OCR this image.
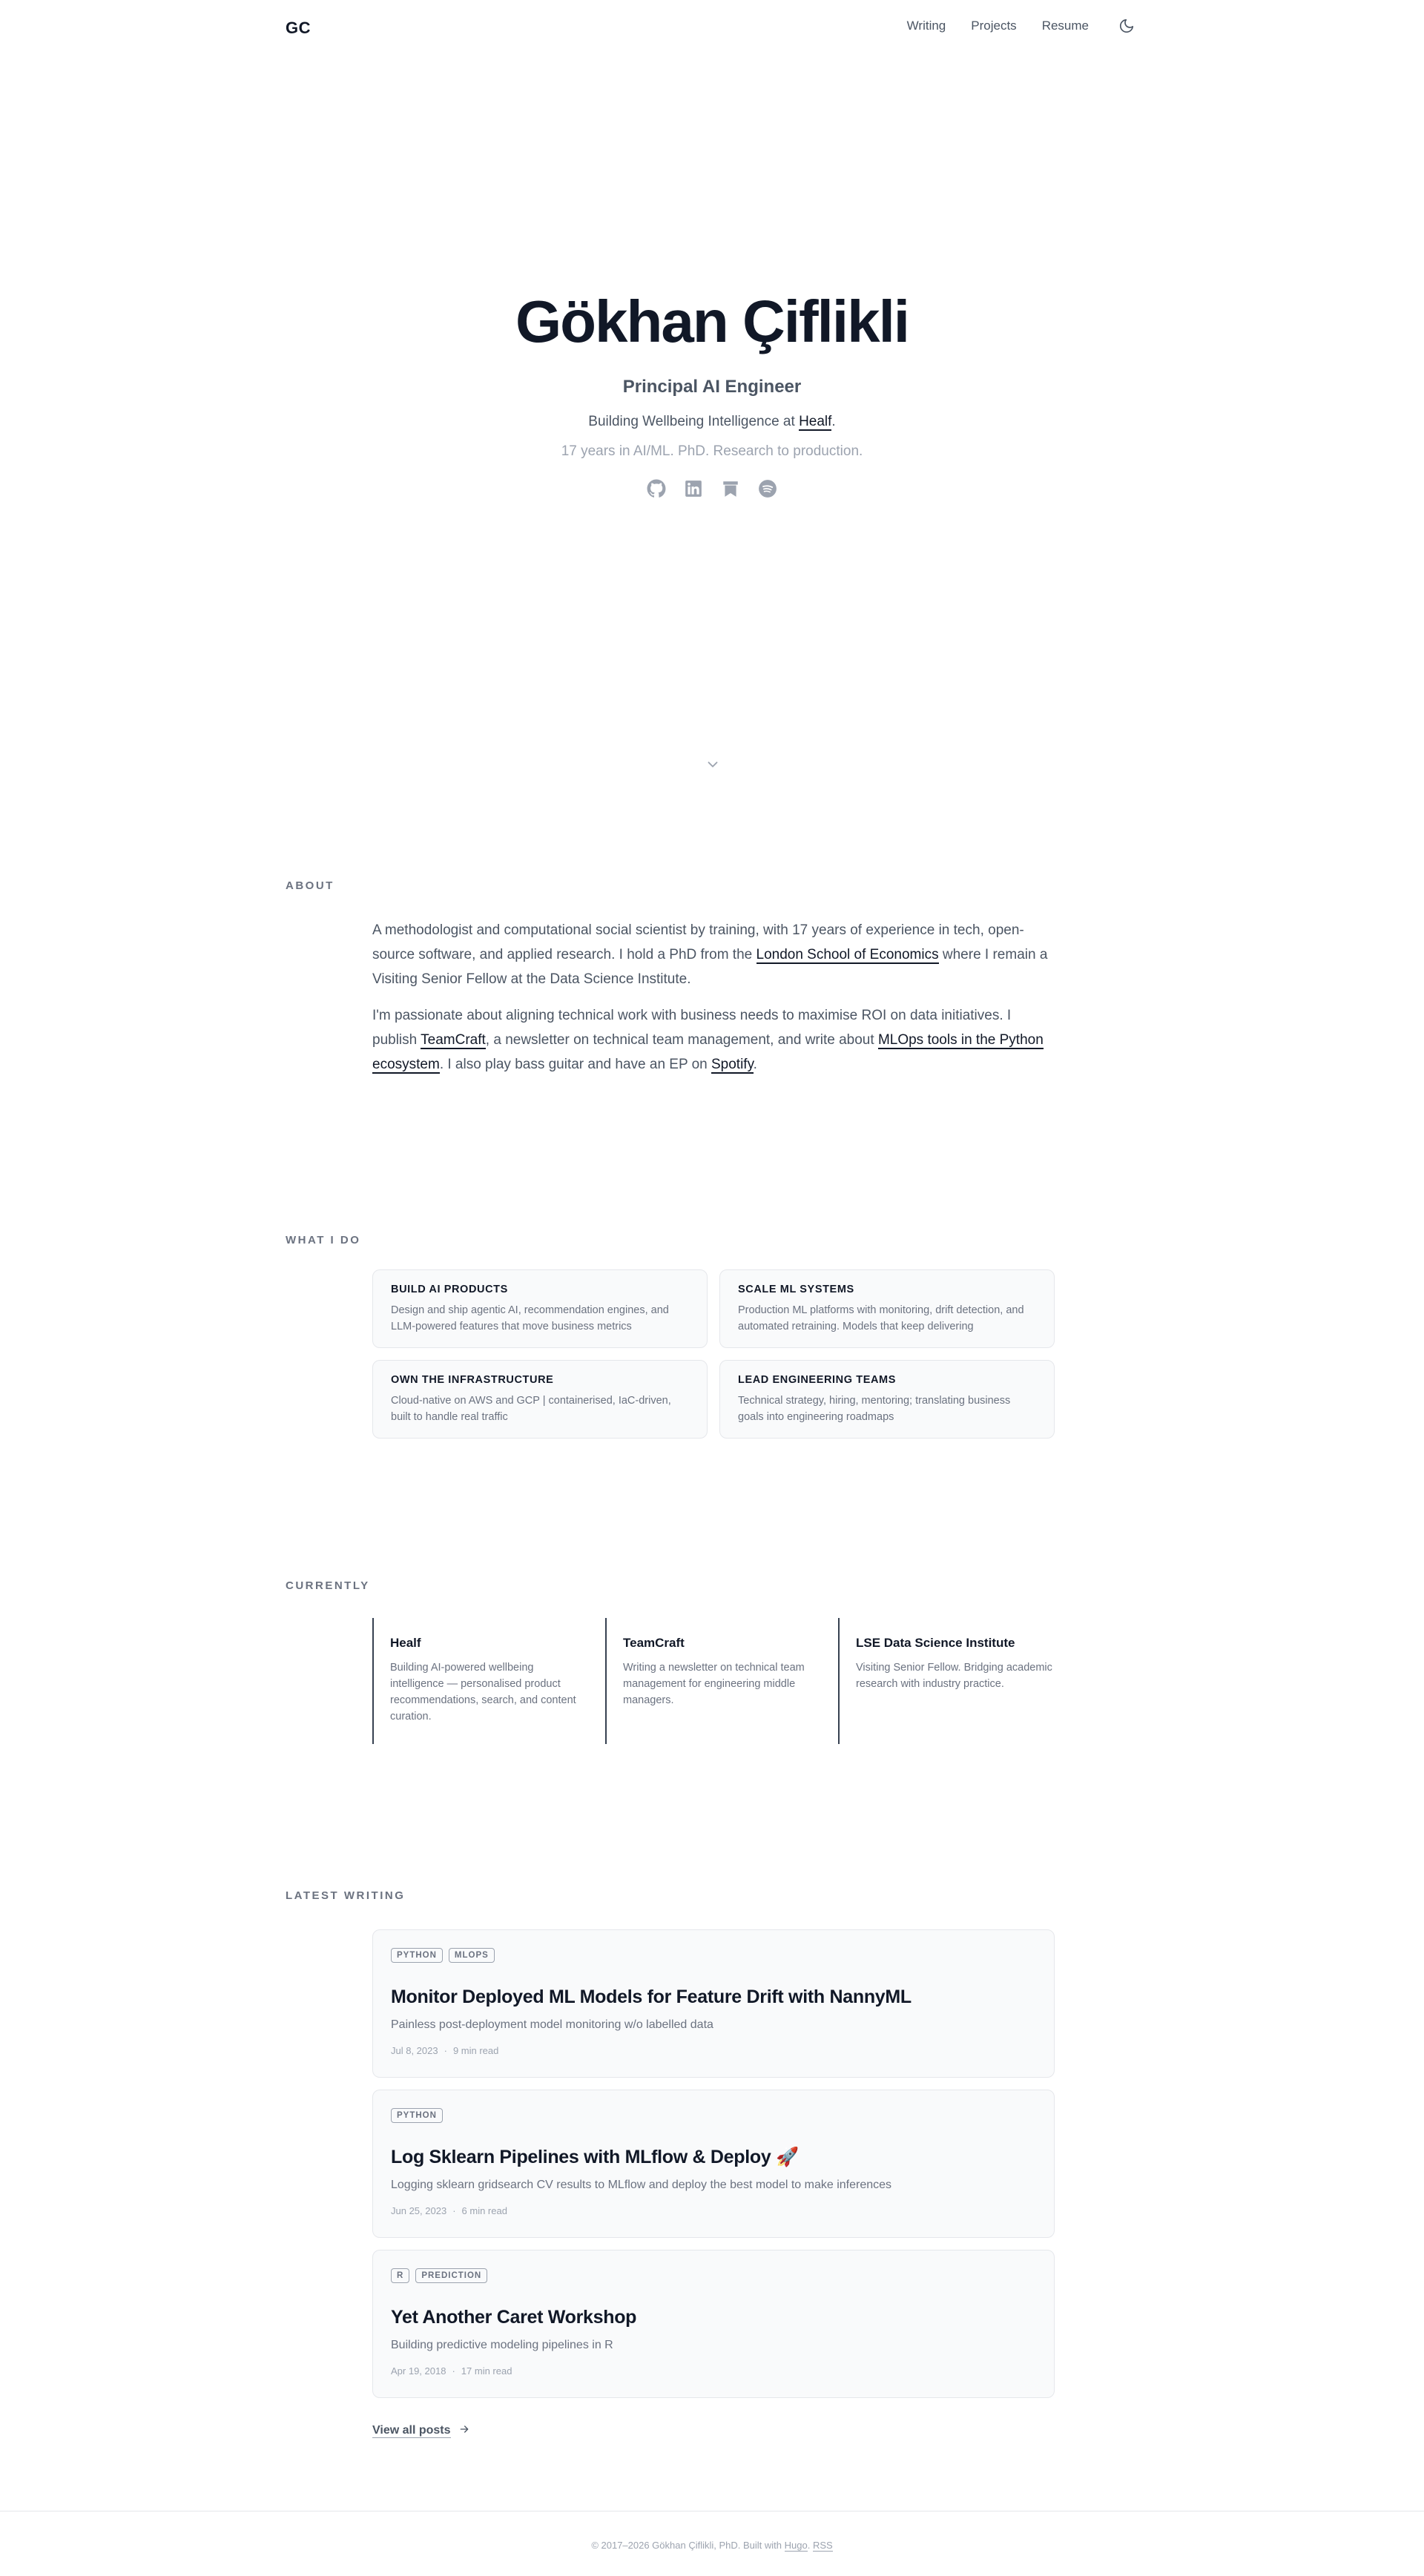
GC	Writing Projects Resume
Gökhan Çiflikli
Principal AI Engineer
Building Wellbeing Intelligence at Healf.
17 years in AI/ML. PhD. Research to production.
ABOUT

A methodologist and computational social scientist by training, with 17 years of experience in tech, open-source software, and applied research. I hold a PhD from the London School of Economics where I remain a Visiting Senior Fellow at the Data Science Institute.

I'm passionate about aligning technical work with business needs to maximise ROI on data initiatives. I publish TeamCraft, a newsletter on technical team management, and write about MLOps tools in the Python ecosystem. I also play bass guitar and have an EP on Spotify.

WHAT I DO
BUILD AI PRODUCTS

Design and ship agentic AI, recommendation engines, and LLM-powered features that move business metrics

SCALE ML SYSTEMS

Production ML platforms with monitoring, drift detection, and automated retraining. Models that keep delivering

OWN THE INFRASTRUCTURE

Cloud-native on AWS and GCP | containerised, IaC-driven, built to handle real traffic

LEAD ENGINEERING TEAMS

Technical strategy, hiring, mentoring; translating business goals into engineering roadmaps

CURRENTLY
Healf

Building AI-powered wellbeing intelligence — personalised product recommendations, search, and content curation.

TeamCraft

Writing a newsletter on technical team management for engineering middle managers.

LSE Data Science Institute

Visiting Senior Fellow. Bridging academic research with industry practice.

LATEST WRITING
PYTHON	MLOPS
Monitor Deployed ML Models for Feature Drift with NannyML
Painless post-deployment model monitoring w/o labelled data
Jul 8, 2023 · 9 min read
PYTHON
Log Sklearn Pipelines with MLflow & Deploy 🚀
Logging sklearn gridsearch CV results to MLflow and deploy the best model to make inferences
Jun 25, 2023 · 6 min read
R	PREDICTION
Yet Another Caret Workshop
Building predictive modeling pipelines in R
Apr 19, 2018 · 17 min read
View all posts
© 2017–2026 Gökhan Çiflikli, PhD. Built with Hugo. RSS
